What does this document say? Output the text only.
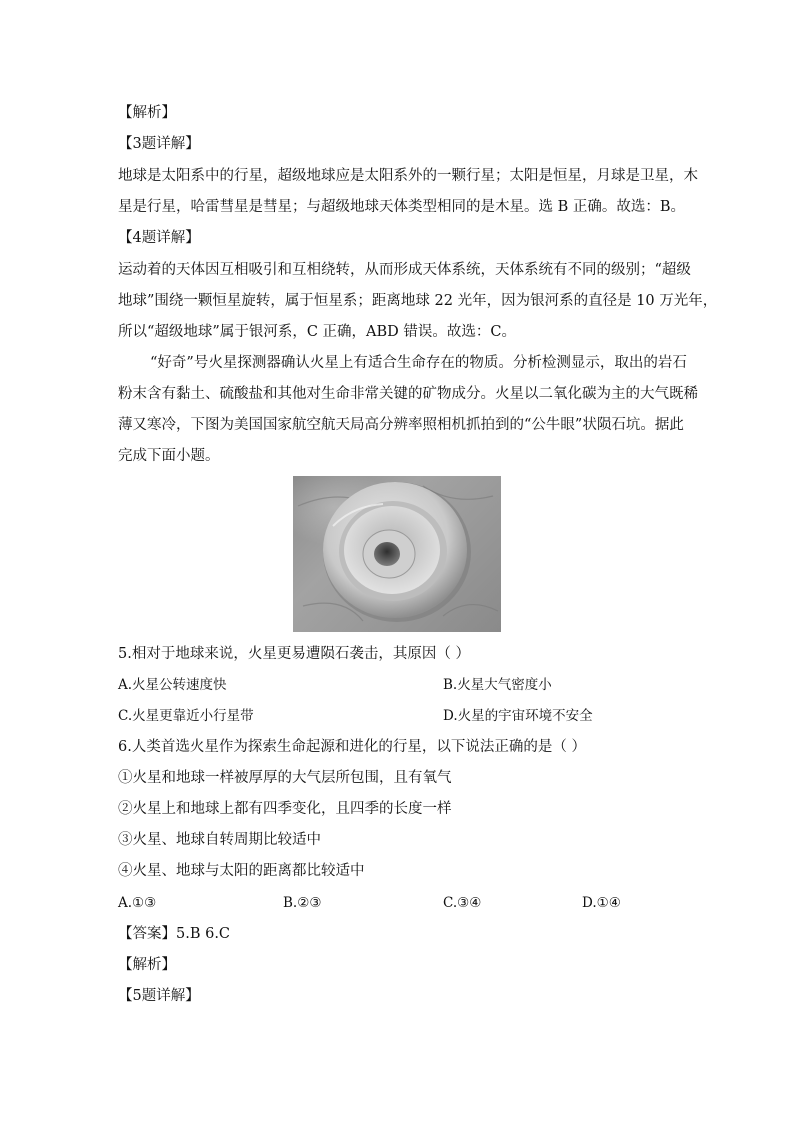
【解析】
【3题详解】
地球是太阳系中的行星，超级地球应是太阳系外的一颗行星；太阳是恒星，月球是卫星，木
星是行星，哈雷彗星是彗星；与超级地球天体类型相同的是木星。选 B 正确。故选：B。
【4题详解】
运动着的天体因互相吸引和互相绕转，从而形成天体系统，天体系统有不同的级别；“超级
地球”围绕一颗恒星旋转，属于恒星系；距离地球 22 光年，因为银河系的直径是 10 万光年，
所以“超级地球”属于银河系，C 正确，ABD 错误。故选：C。
“好奇”号火星探测器确认火星上有适合生命存在的物质。分析检测显示，取出的岩石
粉末含有黏土、硫酸盐和其他对生命非常关键的矿物成分。火星以二氧化碳为主的大气既稀
薄又寒冷，下图为美国国家航空航天局高分辨率照相机抓拍到的“公牛眼”状陨石坑。据此
完成下面小题。
5.相对于地球来说，火星更易遭陨石袭击，其原因（ ）
A.火星公转速度快	B.火星大气密度小
C.火星更靠近小行星带	D.火星的宇宙环境不安全
6.人类首选火星作为探索生命起源和进化的行星，以下说法正确的是（ ）
①火星和地球一样被厚厚的大气层所包围，且有氧气
②火星上和地球上都有四季变化，且四季的长度一样
③火星、地球自转周期比较适中
④火星、地球与太阳的距离都比较适中
A.①③	B.②③	C.③④	D.①④
【答案】5.B 6.C
【解析】
【5题详解】
